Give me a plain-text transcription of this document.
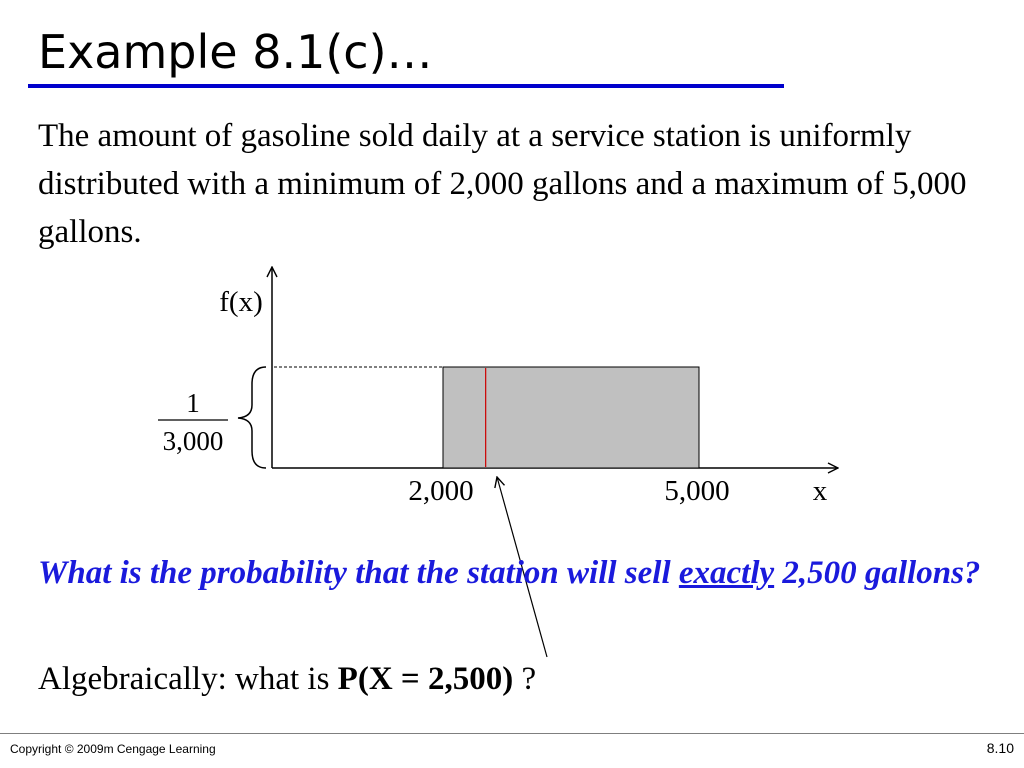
Example 8.1(c)…
The amount of gasoline sold daily at a service station is uniformly distributed with a minimum of 2,000 gallons and a maximum of 5,000 gallons.
f(x)
x
2,000	5,000
1
3,000
What is the probability that the station will sell exactly 2,500 gallons?
Algebraically: what is P(X = 2,500) ?
Copyright © 2009m Cengage Learning	8.10
